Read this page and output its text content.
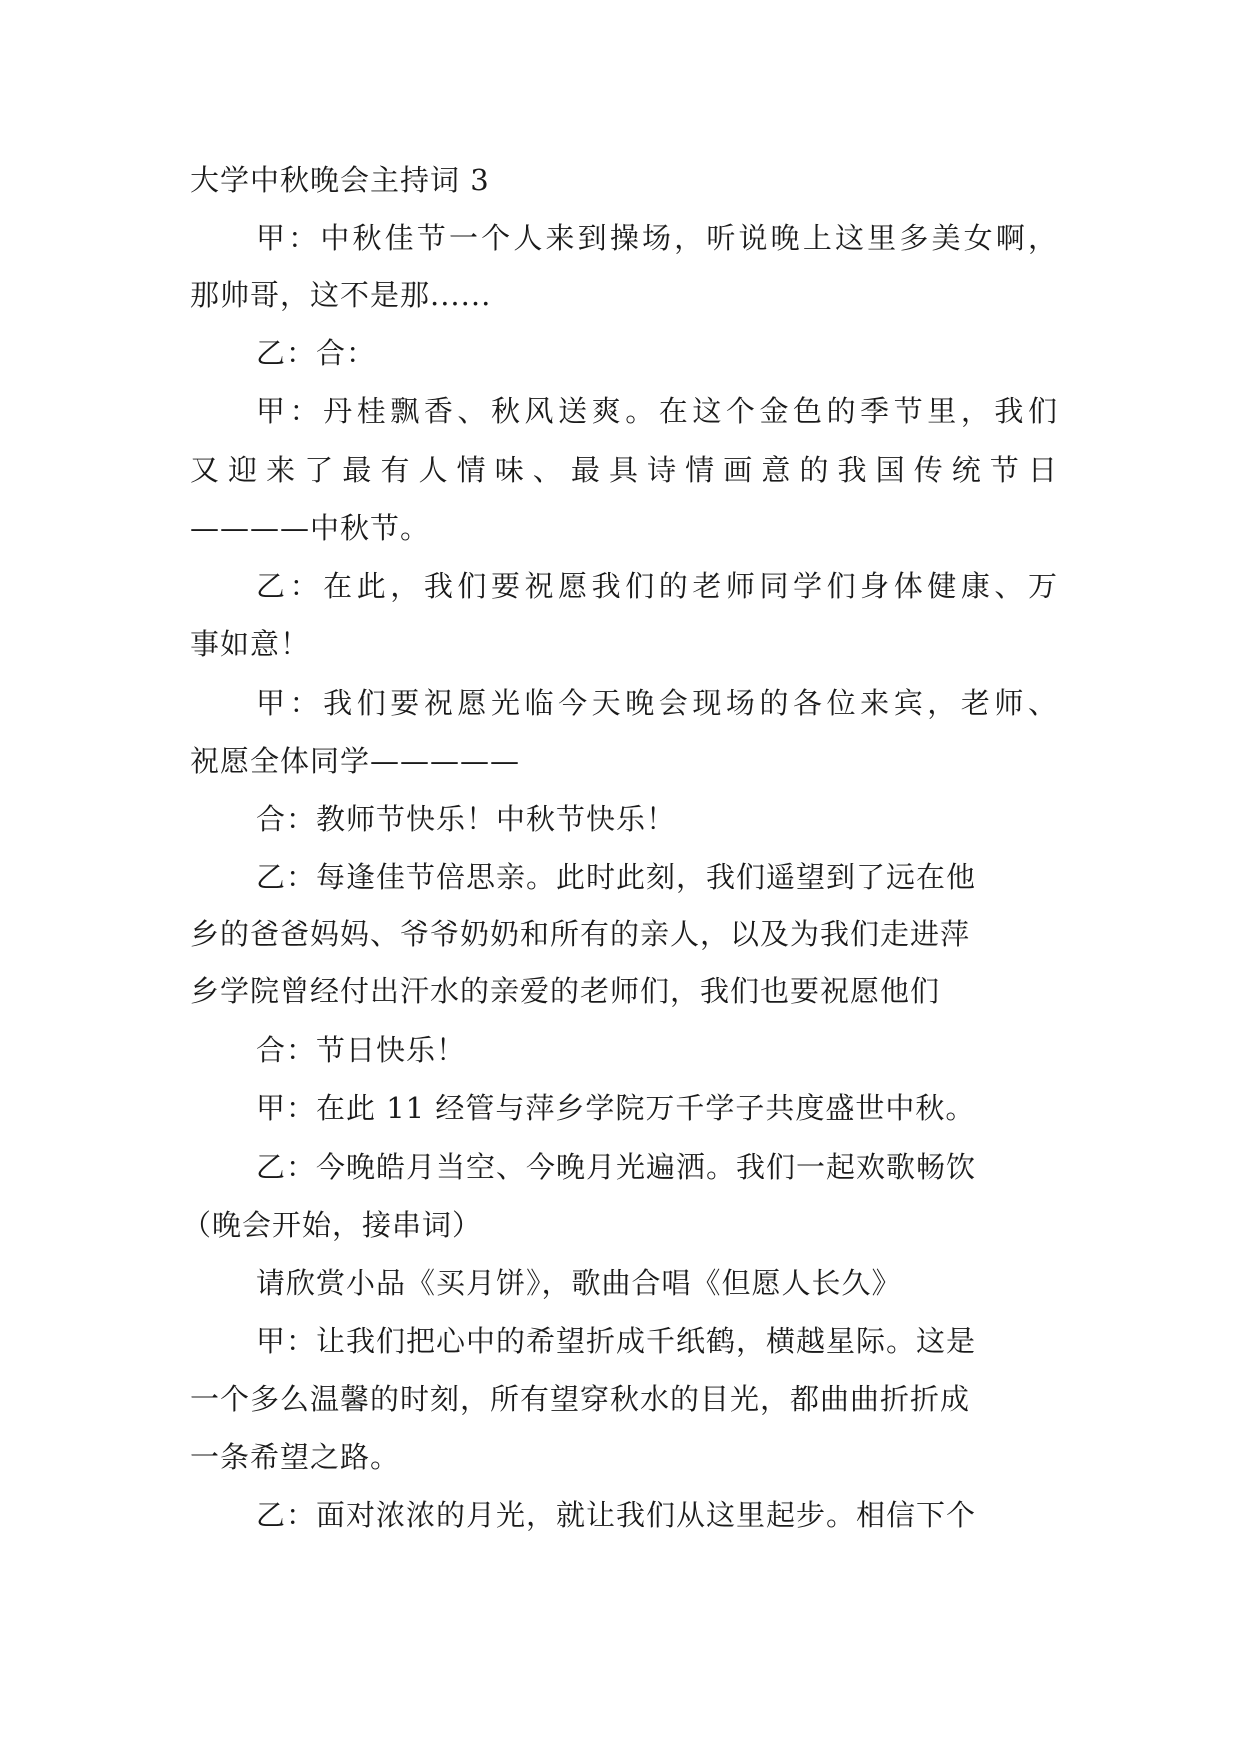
大学中秋晚会主持词 3
甲：中秋佳节一个人来到操场，听说晚上这里多美女啊，
那帅哥，这不是那......
乙：合：
甲：丹桂飘香、秋风送爽。在这个金色的季节里，我们
又迎来了最有人情味、最具诗情画意的我国传统节日
————中秋节。
乙：在此，我们要祝愿我们的老师同学们身体健康、万
事如意！
甲：我们要祝愿光临今天晚会现场的各位来宾，老师、
祝愿全体同学—————
合：教师节快乐！中秋节快乐！
乙：每逢佳节倍思亲。此时此刻，我们遥望到了远在他
乡的爸爸妈妈、爷爷奶奶和所有的亲人，以及为我们走进萍
乡学院曾经付出汗水的亲爱的老师们，我们也要祝愿他们
合：节日快乐！
甲：在此 11 经管与萍乡学院万千学子共度盛世中秋。
乙：今晚皓月当空、今晚月光遍洒。我们一起欢歌畅饮
（晚会开始，接串词）
请欣赏小品《买月饼》，歌曲合唱《但愿人长久》
甲：让我们把心中的希望折成千纸鹤，横越星际。这是
一个多么温馨的时刻，所有望穿秋水的目光，都曲曲折折成
一条希望之路。
乙：面对浓浓的月光，就让我们从这里起步。相信下个
